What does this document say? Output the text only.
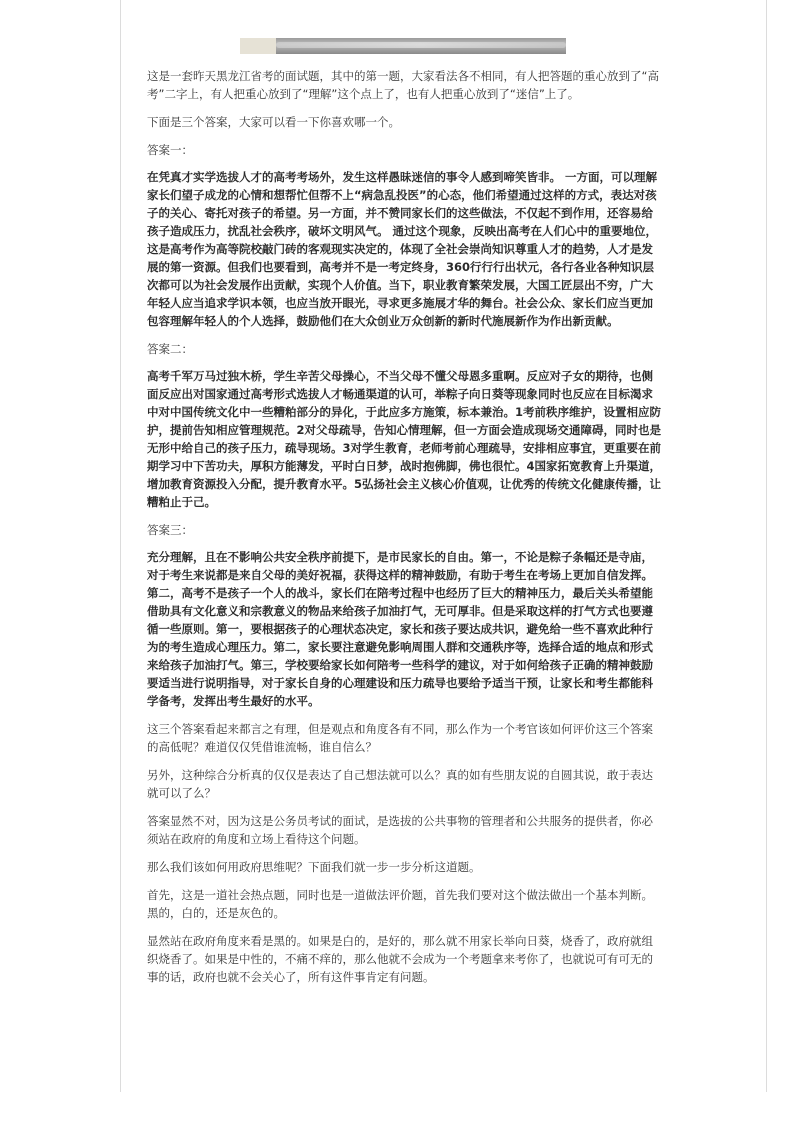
这是一套昨天黑龙江省考的面试题，其中的第一题，大家看法各不相同，有人把答题的重心放到了“高考”二字上，有人把重心放到了“理解”这个点上了，也有人把重心放到了“迷信”上了。

下面是三个答案，大家可以看一下你喜欢哪一个。

答案一：

在凭真才实学选拔人才的高考考场外，发生这样愚昧迷信的事令人感到啼笑皆非。 一方面，可以理解家长们望子成龙的心情和想帮忙但帮不上“病急乱投医”的心态，他们希望通过这样的方式，表达对孩子的关心、寄托对孩子的希望。另一方面，并不赞同家长们的这些做法，不仅起不到作用，还容易给孩子造成压力，扰乱社会秩序，破坏文明风气。 通过这个现象，反映出高考在人们心中的重要地位，这是高考作为高等院校敲门砖的客观现实决定的，体现了全社会崇尚知识尊重人才的趋势，人才是发展的第一资源。但我们也要看到，高考并不是一考定终身，360行行行出状元，各行各业各种知识层次都可以为社会发展作出贡献，实现个人价值。当下，职业教育繁荣发展，大国工匠层出不穷，广大年轻人应当追求学识本领，也应当放开眼光，寻求更多施展才华的舞台。社会公众、家长们应当更加包容理解年轻人的个人选择，鼓励他们在大众创业万众创新的新时代施展新作为作出新贡献。

答案二：

高考千军万马过独木桥，学生辛苦父母操心，不当父母不懂父母恩多重啊。反应对子女的期待，也侧面反应出对国家通过高考形式选拔人才畅通渠道的认可，举粽子向日葵等现象同时也反应在目标渴求中对中国传统文化中一些糟粕部分的异化，于此应多方施策，标本兼治。1考前秩序维护，设置相应防护，提前告知相应管理规范。2对父母疏导，告知心情理解，但一方面会造成现场交通障碍，同时也是无形中给自己的孩子压力，疏导现场。3对学生教育，老师考前心理疏导，安排相应事宜，更重要在前期学习中下苦功夫，厚积方能薄发，平时白日梦，战时抱佛脚，佛也很忙。4国家拓宽教育上升渠道，增加教育资源投入分配，提升教育水平。5弘扬社会主义核心价值观，让优秀的传统文化健康传播，让糟粕止于己。

答案三：

充分理解，且在不影响公共安全秩序前提下，是市民家长的自由。第一，不论是粽子条幅还是寺庙，对于考生来说都是来自父母的美好祝福，获得这样的精神鼓励，有助于考生在考场上更加自信发挥。第二，高考不是孩子一个人的战斗，家长们在陪考过程中也经历了巨大的精神压力，最后关头希望能借助具有文化意义和宗教意义的物品来给孩子加油打气，无可厚非。但是采取这样的打气方式也要遵循一些原则。第一，要根据孩子的心理状态决定，家长和孩子要达成共识，避免给一些不喜欢此种行为的考生造成心理压力。第二，家长要注意避免影响周围人群和交通秩序等，选择合适的地点和形式来给孩子加油打气。第三，学校要给家长如何陪考一些科学的建议，对于如何给孩子正确的精神鼓励要适当进行说明指导，对于家长自身的心理建设和压力疏导也要给予适当干预，让家长和考生都能科学备考，发挥出考生最好的水平。

这三个答案看起来都言之有理，但是观点和角度各有不同，那么作为一个考官该如何评价这三个答案的高低呢？难道仅仅凭借谁流畅，谁自信么？

另外，这种综合分析真的仅仅是表达了自己想法就可以么？真的如有些朋友说的自圆其说，敢于表达就可以了么？

答案显然不对，因为这是公务员考试的面试，是选拔的公共事物的管理者和公共服务的提供者，你必须站在政府的角度和立场上看待这个问题。

那么我们该如何用政府思维呢？下面我们就一步一步分析这道题。

首先，这是一道社会热点题，同时也是一道做法评价题，首先我们要对这个做法做出一个基本判断。黑的，白的，还是灰色的。

显然站在政府角度来看是黑的。如果是白的，是好的，那么就不用家长举向日葵，烧香了，政府就组织烧香了。如果是中性的，不痛不痒的，那么他就不会成为一个考题拿来考你了，也就说可有可无的事的话，政府也就不会关心了，所有这件事肯定有问题。
